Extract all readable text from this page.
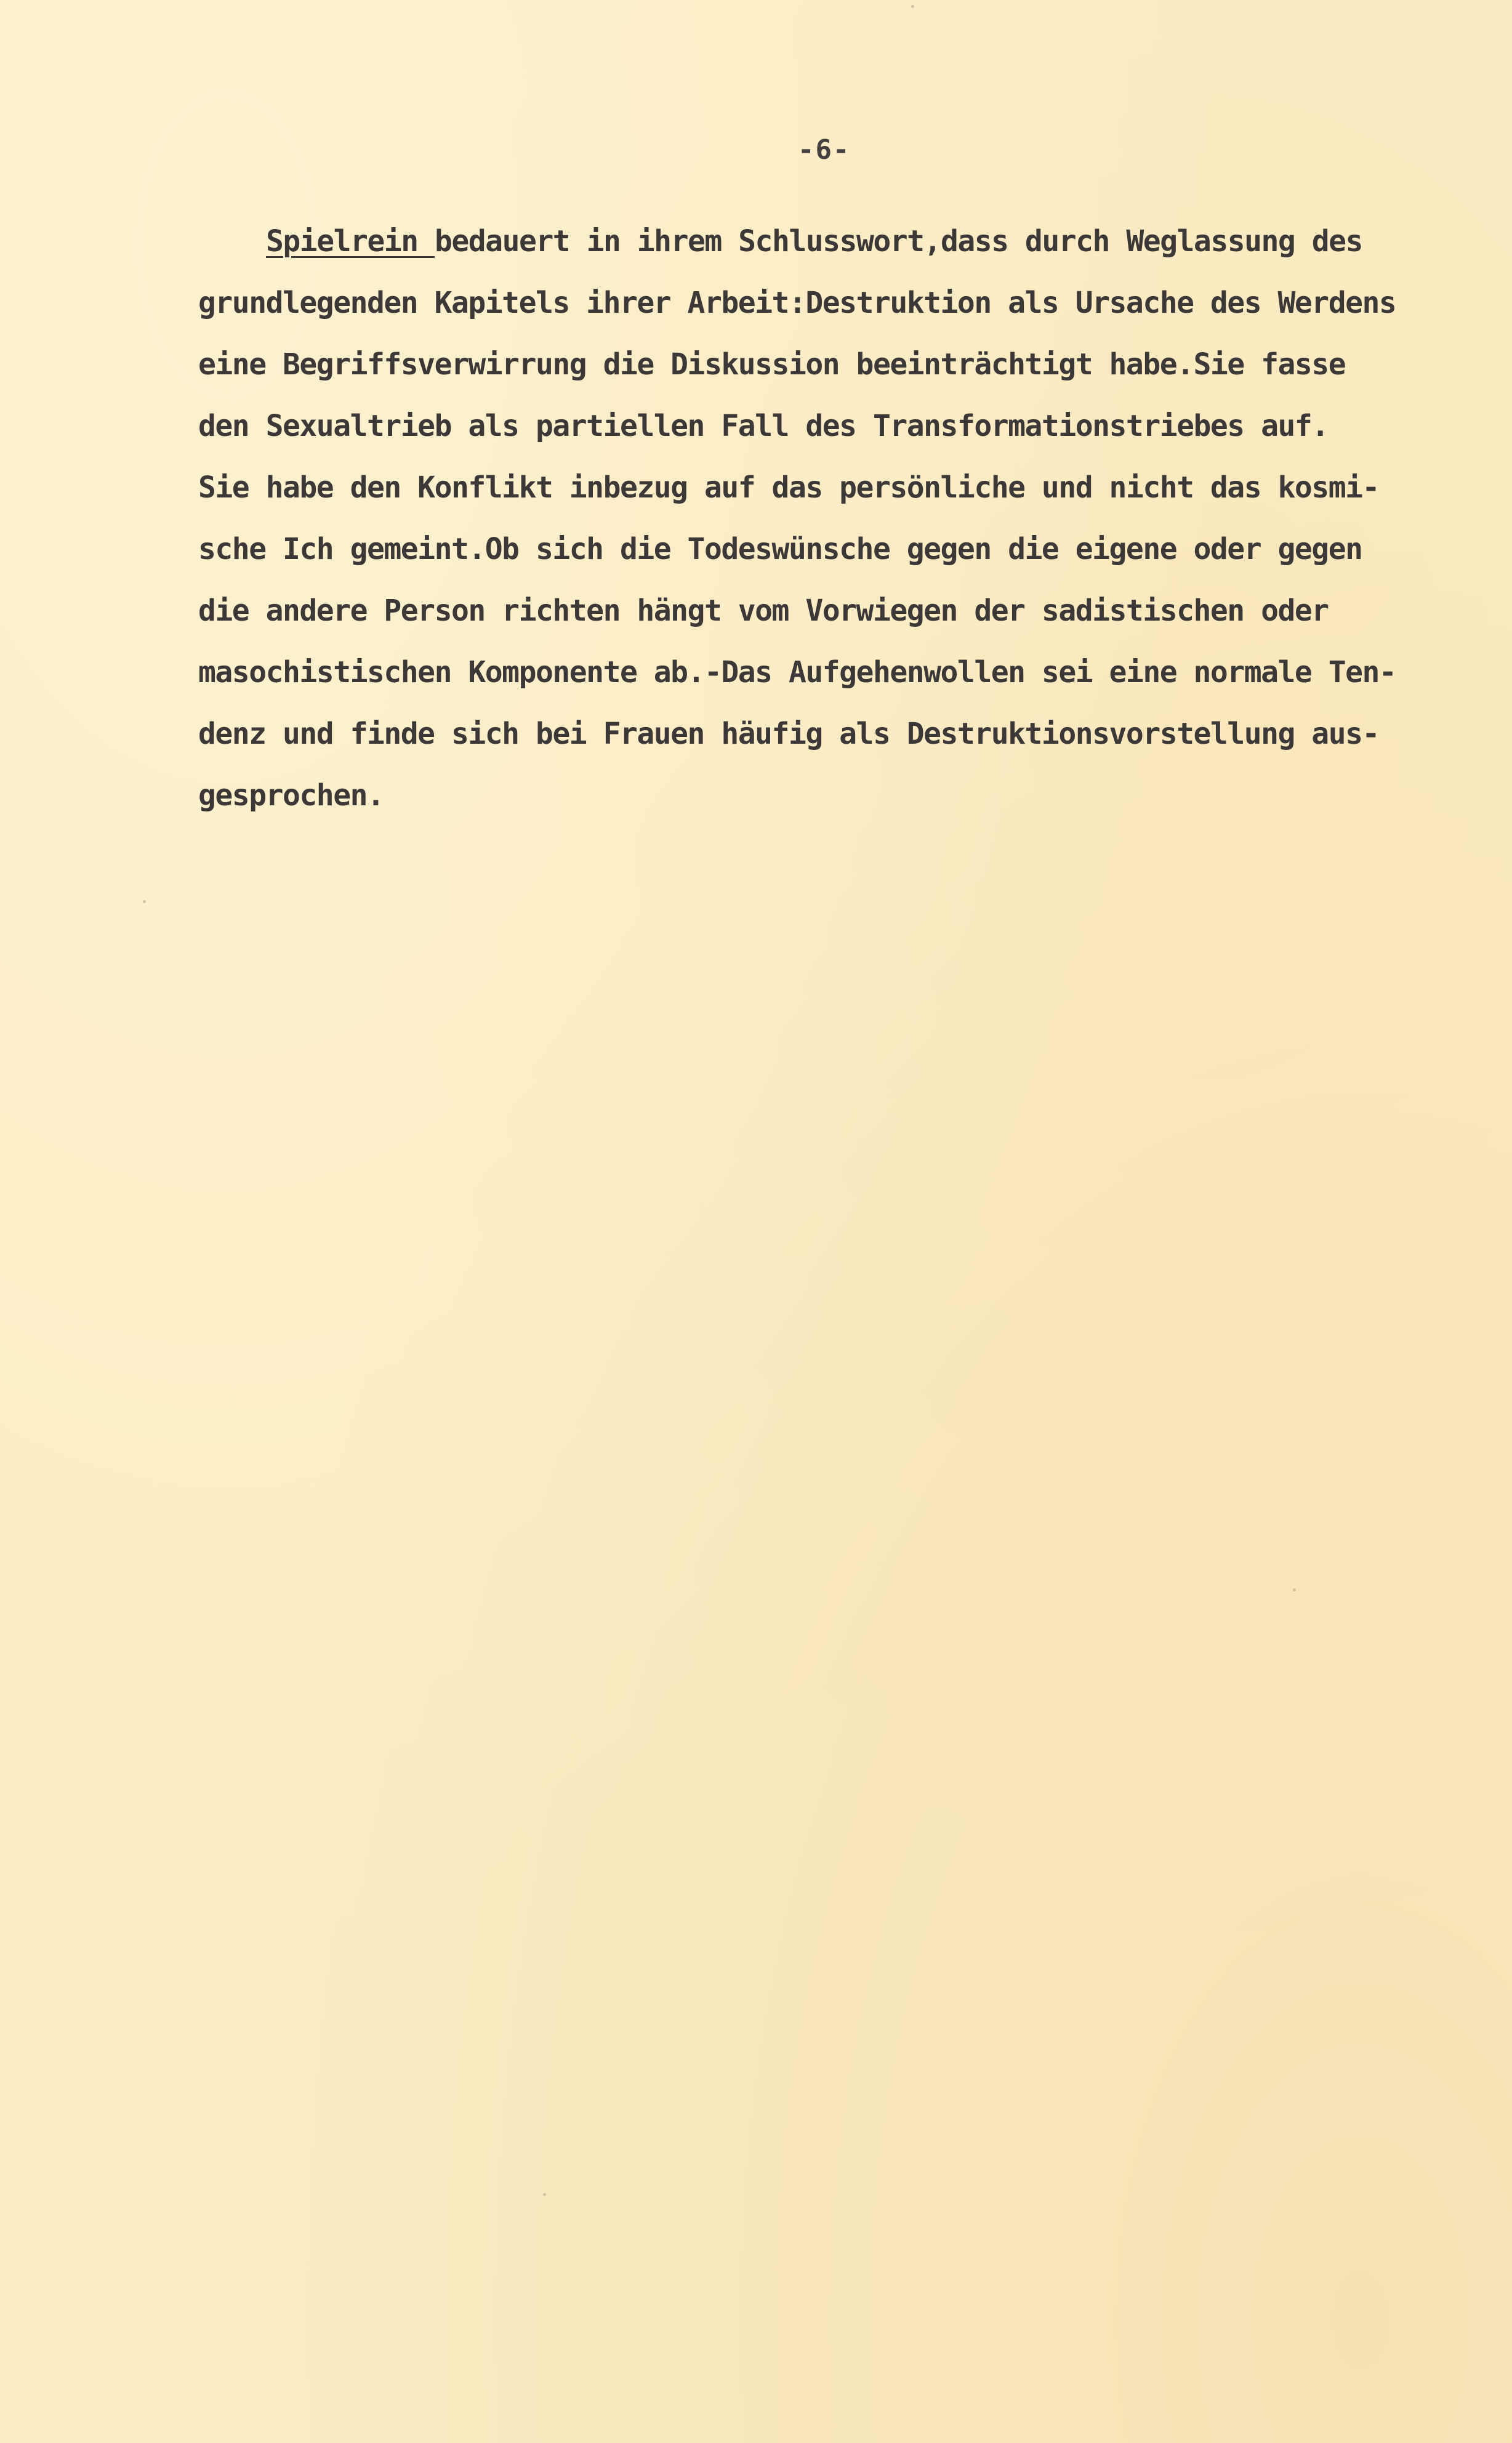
-6-
Spielrein bedauert in ihrem Schlusswort,dass durch Weglassung des
grundlegenden Kapitels ihrer Arbeit:Destruktion als Ursache des Werdens
eine Begriffsverwirrung die Diskussion beeinträchtigt habe.Sie fasse
den Sexualtrieb als partiellen Fall des Transformationstriebes auf.
Sie habe den Konflikt inbezug auf das persönliche und nicht das kosmi-
sche Ich gemeint.Ob sich die Todeswünsche gegen die eigene oder gegen
die andere Person richten hängt vom Vorwiegen der sadistischen oder
masochistischen Komponente ab.-Das Aufgehenwollen sei eine normale Ten-
denz und finde sich bei Frauen häufig als Destruktionsvorstellung aus-
gesprochen.
